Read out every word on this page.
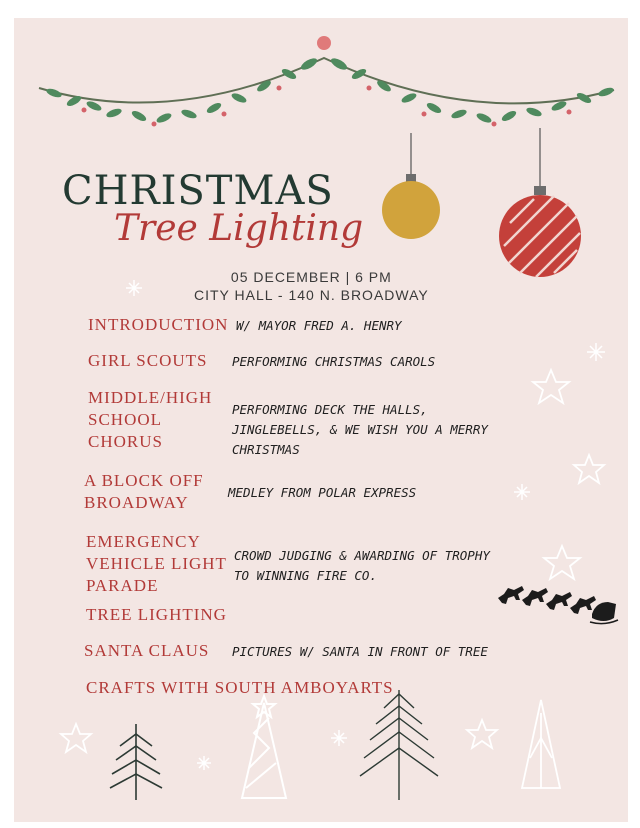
CHRISTMAS
Tree Lighting
05 DECEMBER | 6 PM
CITY HALL - 140 N. BROADWAY
INTRODUCTION W/ MAYOR FRED A. HENRY
GIRL SCOUTS PERFORMING CHRISTMAS CAROLS
MIDDLE/HIGH
SCHOOL
CHORUS
PERFORMING DECK THE HALLS, JINGLEBELLS, & WE WISH YOU A MERRY CHRISTMAS
A BLOCK OFF
BROADWAY
MEDLEY FROM POLAR EXPRESS
EMERGENCY
VEHICLE LIGHT
PARADE
CROWD JUDGING & AWARDING OF TROPHY TO WINNING FIRE CO.
TREE LIGHTING
SANTA CLAUS PICTURES W/ SANTA IN FRONT OF TREE
CRAFTS WITH SOUTH AMBOYARTS
